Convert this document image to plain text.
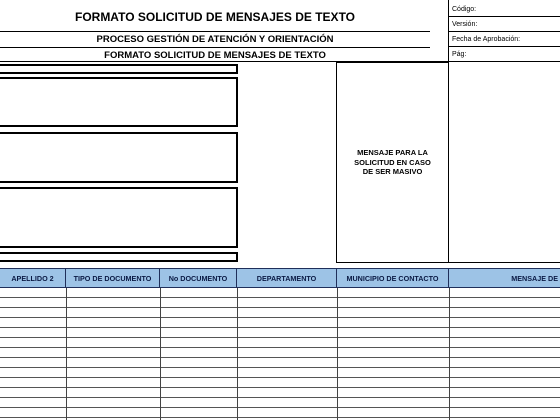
FORMATO SOLICITUD DE MENSAJES DE TEXTO
PROCESO GESTIÓN DE ATENCIÓN Y ORIENTACIÓN
FORMATO SOLICITUD DE MENSAJES DE TEXTO
Código:
Versión:
Fecha de Aprobación:
Pág:
MENSAJE PARA LA SOLICITUD EN CASO DE SER MASIVO
APELLIDO 2	TIPO DE DOCUMENTO	No DOCUMENTO	DEPARTAMENTO	MUNICIPIO DE CONTACTO	MENSAJE DE
